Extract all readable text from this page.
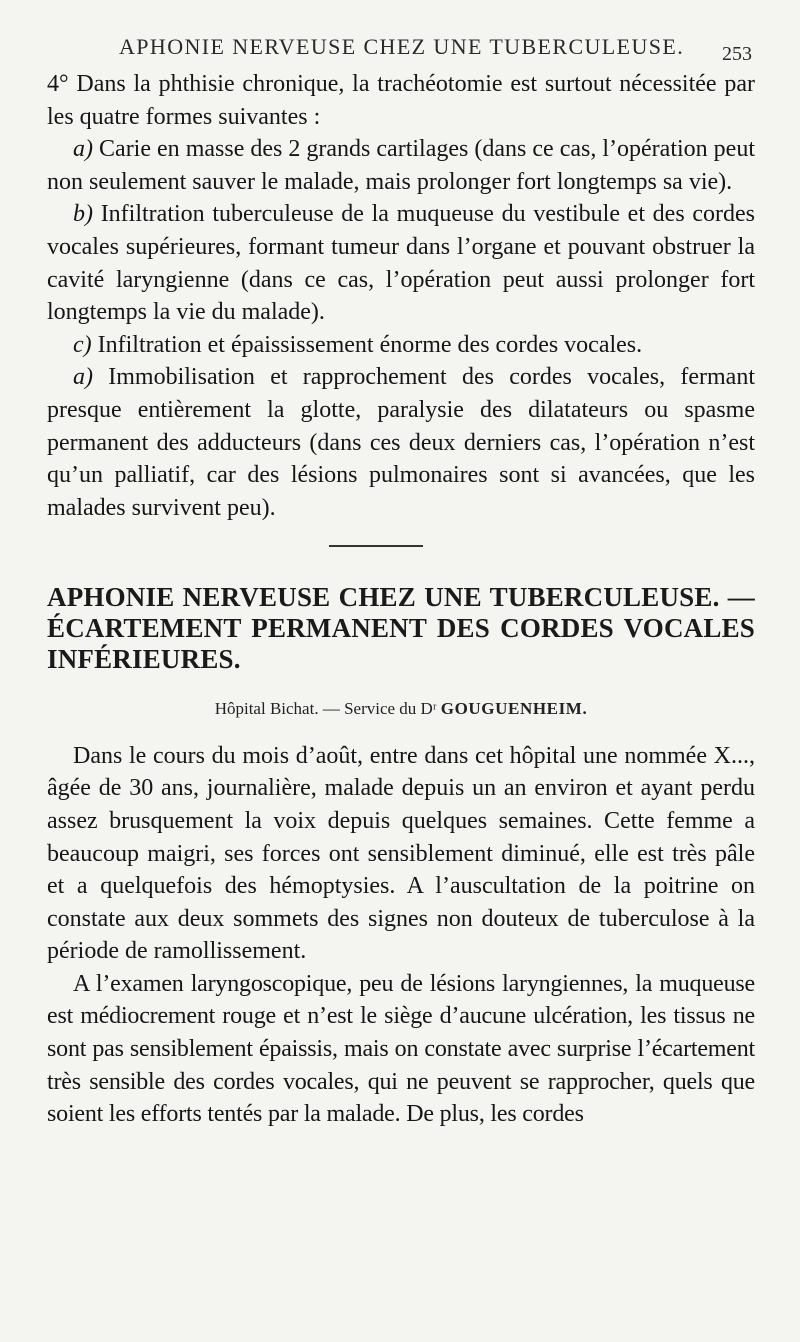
APHONIE NERVEUSE CHEZ UNE TUBERCULEUSE. 253

4° Dans la phthisie chronique, la trachéotomie est surtout nécessitée par les quatre formes suivantes :

a) Carie en masse des 2 grands cartilages (dans ce cas, l’opération peut non seulement sauver le malade, mais prolonger fort longtemps sa vie).

b) Infiltration tuberculeuse de la muqueuse du vestibule et des cordes vocales supérieures, formant tumeur dans l’organe et pouvant obstruer la cavité laryngienne (dans ce cas, l’opération peut aussi prolonger fort longtemps la vie du malade).

c) Infiltration et épaississement énorme des cordes vocales.

a) Immobilisation et rapprochement des cordes vocales, fermant presque entièrement la glotte, paralysie des dilatateurs ou spasme permanent des adducteurs (dans ces deux derniers cas, l’opération n’est qu’un palliatif, car des lésions pulmonaires sont si avancées, que les malades survivent peu).

APHONIE NERVEUSE CHEZ UNE TUBERCULEUSE. — ÉCARTEMENT PERMANENT DES CORDES VOCALES INFÉRIEURES.
Hôpital Bichat. — Service du Dʳ GOUGUENHEIM.

Dans le cours du mois d’août, entre dans cet hôpital une nommée X..., âgée de 30 ans, journalière, malade depuis un an environ et ayant perdu assez brusquement la voix depuis quelques semaines. Cette femme a beaucoup maigri, ses forces ont sensiblement diminué, elle est très pâle et a quelquefois des hémoptysies. A l’auscultation de la poitrine on constate aux deux sommets des signes non douteux de tuberculose à la période de ramollissement.

A l’examen laryngoscopique, peu de lésions laryngiennes, la muqueuse est médiocrement rouge et n’est le siège d’aucune ulcération, les tissus ne sont pas sensiblement épaissis, mais on constate avec surprise l’écartement très sensible des cordes vocales, qui ne peuvent se rapprocher, quels que soient les efforts tentés par la malade. De plus, les cordes
